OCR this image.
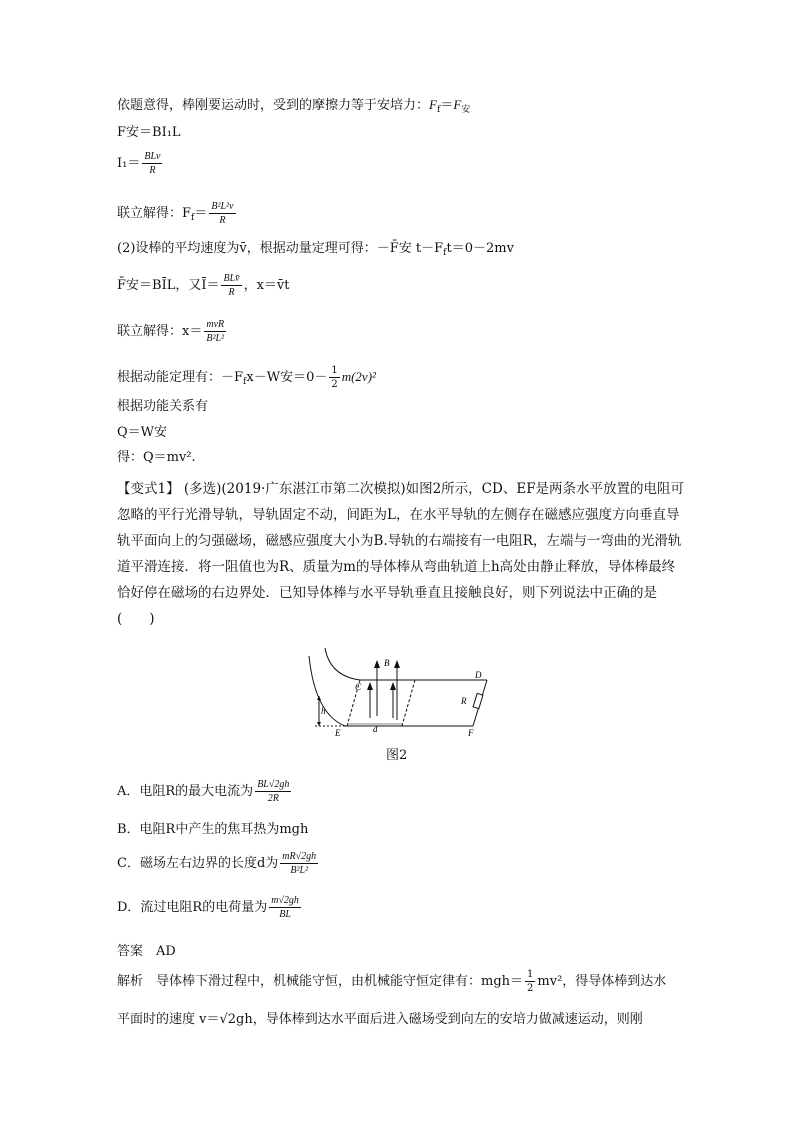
依题意得，棒刚要运动时，受到的摩擦力等于安培力：$F_f=F_安$
F安＝BI₁L
$I_1= \frac{\text{BLv}}{R}$
联立解得：$F_f= \frac{\text{B²L²v}}{R}$
(2)设棒的平均速度为v̄，根据动量定理可得：－F̄安 $t-F_ft=0-2mv$
F̄安＝BĪL，又Ī＝ $\frac{\text{BLv̄}}{R}$ ，x＝v̄t
联立解得：$x= \frac{\text{mvR}}{\text{B²L²}}$
根据动能定理有：$-F_fx-W$安$=0- \frac{1}{2} m(2v)^2$
根据功能关系有
Q＝W安
得：Q＝mv².
【变式1】 (多选)(2019·广东湛江市第二次模拟)如图2所示，CD、EF是两条水平放置的电阻可忽略的平行光滑导轨，导轨固定不动，间距为L，在水平导轨的左侧存在磁感应强度方向垂直导轨平面向上的匀强磁场，磁感应强度大小为B.导轨的右端接有一电阻R，左端与一弯曲的光滑轨道平滑连接．将一阻值也为R、质量为m的导体棒从弯曲轨道上h高处由静止释放，导体棒最终恰好停在磁场的右边界处．已知导体棒与水平导轨垂直且接触良好，则下列说法中正确的是(　　)
B
C
D
E	F
R
h
d
图2
A．电阻R的最大电流为 $\frac{BL√2gh}{2R}$
B．电阻R中产生的焦耳热为mgh
C．磁场左右边界的长度d为 $\frac{mR√2gh}{\text{B²L²}}$
D．流过电阻R的电荷量为 $\frac{m√2gh}{BL}$
答案　AD
解析　导体棒下滑过程中，机械能守恒，由机械能守恒定律有：$mgh= \frac{1}{2} mv^2$，得导体棒到达水
平面时的速度 v＝√2gh，导体棒到达水平面后进入磁场受到向左的安培力做减速运动，则刚
